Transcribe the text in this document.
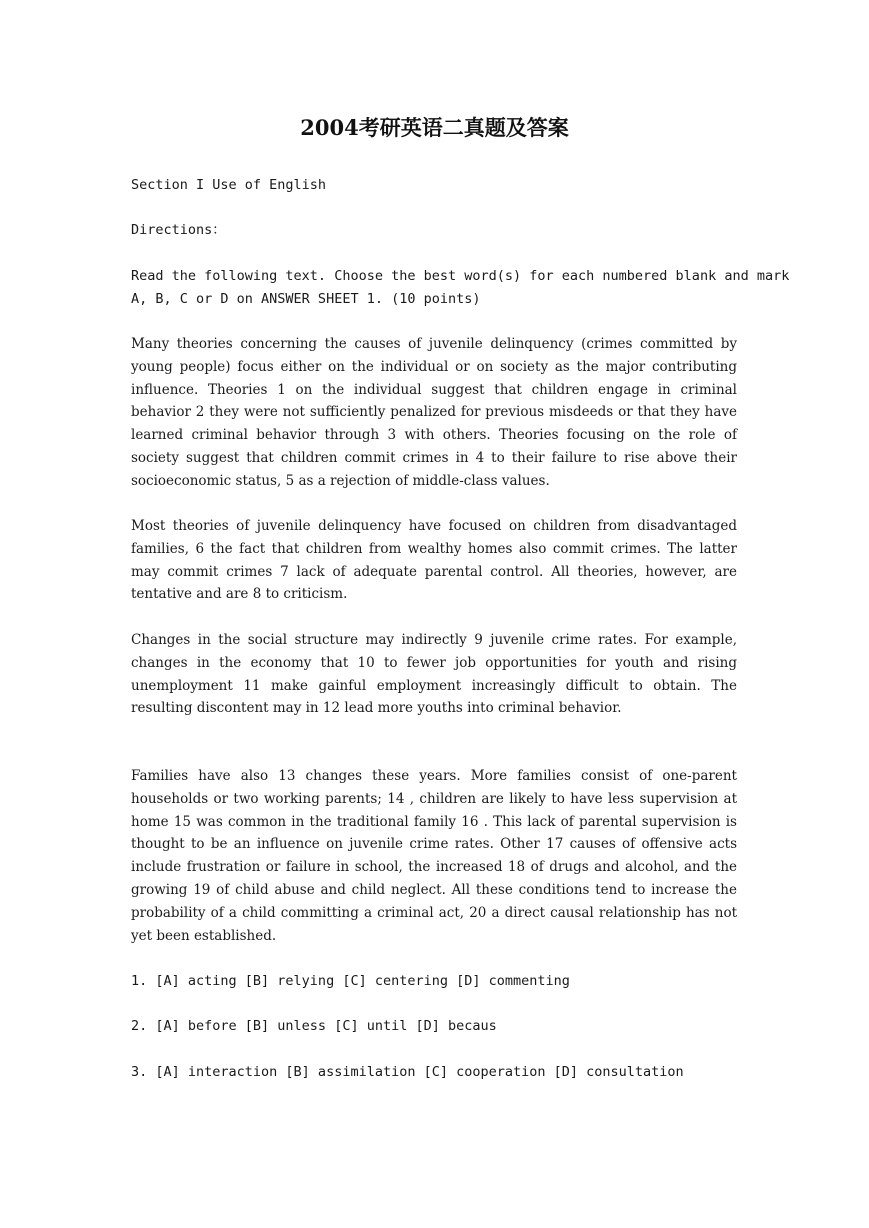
2004考研英语二真题及答案
Section I Use of English
Directions：
Read the following text. Choose the best word(s) for each numbered blank and mark
A, B, C or D on ANSWER SHEET 1. (10 points)
Many theories concerning the causes of juvenile delinquency (crimes committed by young people) focus either on the individual or on society as the major contributing influence. Theories 1 on the individual suggest that children engage in criminal behavior 2 they were not sufficiently penalized for previous misdeeds or that they have learned criminal behavior through 3 with others. Theories focusing on the role of society suggest that children commit crimes in 4 to their failure to rise above their socioeconomic status, 5 as a rejection of middle-class values.
Most theories of juvenile delinquency have focused on children from disadvantaged families, 6 the fact that children from wealthy homes also commit crimes. The latter may commit crimes 7 lack of adequate parental control. All theories, however, are tentative and are 8 to criticism.
Changes in the social structure may indirectly 9 juvenile crime rates. For example, changes in the economy that 10 to fewer job opportunities for youth and rising unemployment 11 make gainful employment increasingly difficult to obtain. The resulting discontent may in 12 lead more youths into criminal behavior.
Families have also 13 changes these years. More families consist of one-parent households or two working parents; 14 , children are likely to have less supervision at home 15 was common in the traditional family 16 . This lack of parental supervision is thought to be an influence on juvenile crime rates. Other 17 causes of offensive acts include frustration or failure in school, the increased 18 of drugs and alcohol, and the growing 19 of child abuse and child neglect. All these conditions tend to increase the probability of a child committing a criminal act, 20 a direct causal relationship has not yet been established.
1. [A] acting [B] relying [C] centering [D] commenting
2. [A] before [B] unless [C] until [D] becaus
3. [A] interaction [B] assimilation [C] cooperation [D] consultation
